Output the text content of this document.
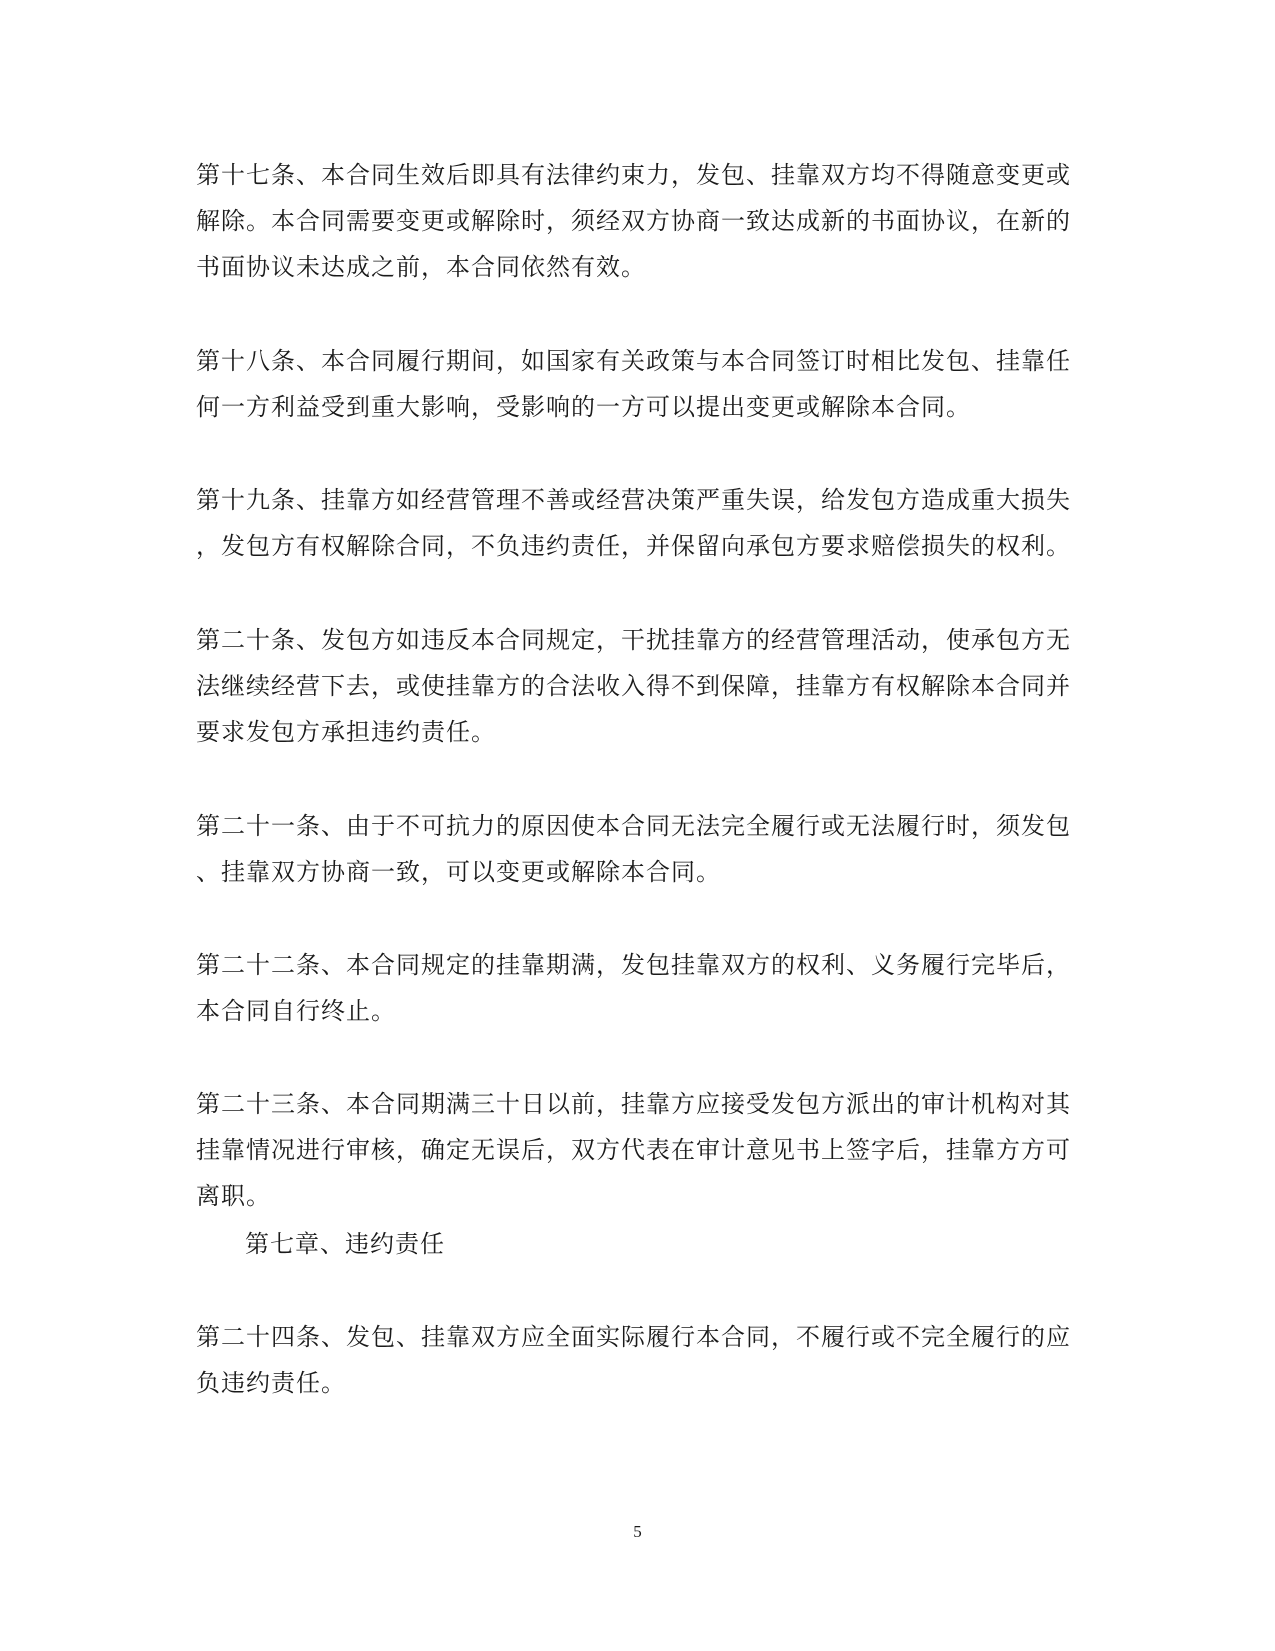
第十七条、本合同生效后即具有法律约束力，发包、挂靠双方均不得随意变更或
解除。本合同需要变更或解除时，须经双方协商一致达成新的书面协议，在新的
书面协议未达成之前，本合同依然有效。
第十八条、本合同履行期间，如国家有关政策与本合同签订时相比发包、挂靠任
何一方利益受到重大影响，受影响的一方可以提出变更或解除本合同。
第十九条、挂靠方如经营管理不善或经营决策严重失误，给发包方造成重大损失
，发包方有权解除合同，不负违约责任，并保留向承包方要求赔偿损失的权利。
第二十条、发包方如违反本合同规定，干扰挂靠方的经营管理活动，使承包方无
法继续经营下去，或使挂靠方的合法收入得不到保障，挂靠方有权解除本合同并
要求发包方承担违约责任。
第二十一条、由于不可抗力的原因使本合同无法完全履行或无法履行时，须发包
、挂靠双方协商一致，可以变更或解除本合同。
第二十二条、本合同规定的挂靠期满，发包挂靠双方的权利、义务履行完毕后，
本合同自行终止。
第二十三条、本合同期满三十日以前，挂靠方应接受发包方派出的审计机构对其
挂靠情况进行审核，确定无误后，双方代表在审计意见书上签字后，挂靠方方可
离职。
第七章、违约责任
第二十四条、发包、挂靠双方应全面实际履行本合同，不履行或不完全履行的应
负违约责任。
5
